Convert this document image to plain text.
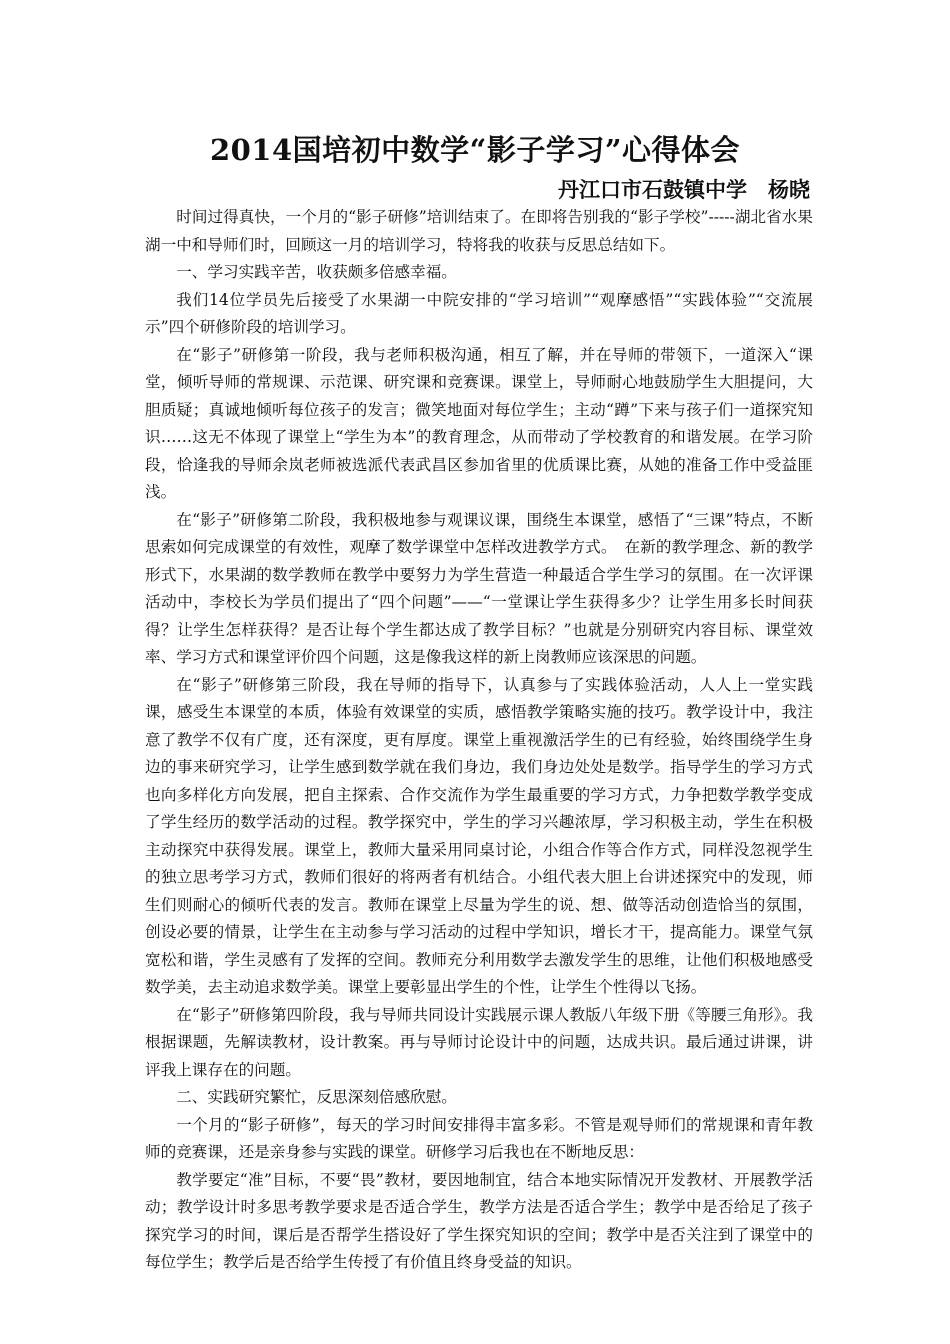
2014国培初中数学“影子学习”心得体会
丹江口市石鼓镇中学　杨晓

时间过得真快，一个月的“影子研修”培训结束了。在即将告别我的“影子学校”-----湖北省水果湖一中和导师们时，回顾这一月的培训学习，特将我的收获与反思总结如下。

一、学习实践辛苦，收获颇多倍感幸福。

我们14位学员先后接受了水果湖一中院安排的“学习培训”“观摩感悟”“实践体验”“交流展示”四个研修阶段的培训学习。

在“影子”研修第一阶段，我与老师积极沟通，相互了解，并在导师的带领下，一道深入“课堂，倾听导师的常规课、示范课、研究课和竞赛课。课堂上，导师耐心地鼓励学生大胆提问，大胆质疑；真诚地倾听每位孩子的发言；微笑地面对每位学生；主动“蹲”下来与孩子们一道探究知识……这无不体现了课堂上“学生为本”的教育理念，从而带动了学校教育的和谐发展。在学习阶段，恰逢我的导师余岚老师被选派代表武昌区参加省里的优质课比赛，从她的准备工作中受益匪浅。

在“影子”研修第二阶段，我积极地参与观课议课，围绕生本课堂，感悟了“三课”特点，不断思索如何完成课堂的有效性，观摩了数学课堂中怎样改进教学方式。　在新的教学理念、新的教学形式下，水果湖的数学教师在教学中要努力为学生营造一种最适合学生学习的氛围。在一次评课活动中，李校长为学员们提出了“四个问题”——“一堂课让学生获得多少？让学生用多长时间获得？让学生怎样获得？是否让每个学生都达成了教学目标？”也就是分别研究内容目标、课堂效率、学习方式和课堂评价四个问题，这是像我这样的新上岗教师应该深思的问题。

在“影子”研修第三阶段，我在导师的指导下，认真参与了实践体验活动，人人上一堂实践课，感受生本课堂的本质，体验有效课堂的实质，感悟教学策略实施的技巧。教学设计中，我注意了教学不仅有广度，还有深度，更有厚度。课堂上重视激活学生的已有经验，始终围绕学生身边的事来研究学习，让学生感到数学就在我们身边，我们身边处处是数学。指导学生的学习方式也向多样化方向发展，把自主探索、合作交流作为学生最重要的学习方式，力争把数学教学变成了学生经历的数学活动的过程。教学探究中，学生的学习兴趣浓厚，学习积极主动，学生在积极主动探究中获得发展。课堂上，教师大量采用同桌讨论，小组合作等合作方式，同样没忽视学生的独立思考学习方式，教师们很好的将两者有机结合。小组代表大胆上台讲述探究中的发现，师生们则耐心的倾听代表的发言。教师在课堂上尽量为学生的说、想、做等活动创造恰当的氛围，创设必要的情景，让学生在主动参与学习活动的过程中学知识，增长才干，提高能力。课堂气氛宽松和谐，学生灵感有了发挥的空间。教师充分利用数学去激发学生的思维，让他们积极地感受数学美，去主动追求数学美。课堂上要彰显出学生的个性，让学生个性得以飞扬。

在“影子”研修第四阶段，我与导师共同设计实践展示课人教版八年级下册《等腰三角形》。我根据课题，先解读教材，设计教案。再与导师讨论设计中的问题，达成共识。最后通过讲课，讲评我上课存在的问题。

二、实践研究繁忙，反思深刻倍感欣慰。

一个月的“影子研修”，每天的学习时间安排得丰富多彩。不管是观导师们的常规课和青年教师的竞赛课，还是亲身参与实践的课堂。研修学习后我也在不断地反思：

教学要定“准”目标，不要“畏”教材，要因地制宜，结合本地实际情况开发教材、开展教学活动；教学设计时多思考教学要求是否适合学生，教学方法是否适合学生；教学中是否给足了孩子探究学习的时间，课后是否帮学生搭设好了学生探究知识的空间；教学中是否关注到了课堂中的每位学生；教学后是否给学生传授了有价值且终身受益的知识。
